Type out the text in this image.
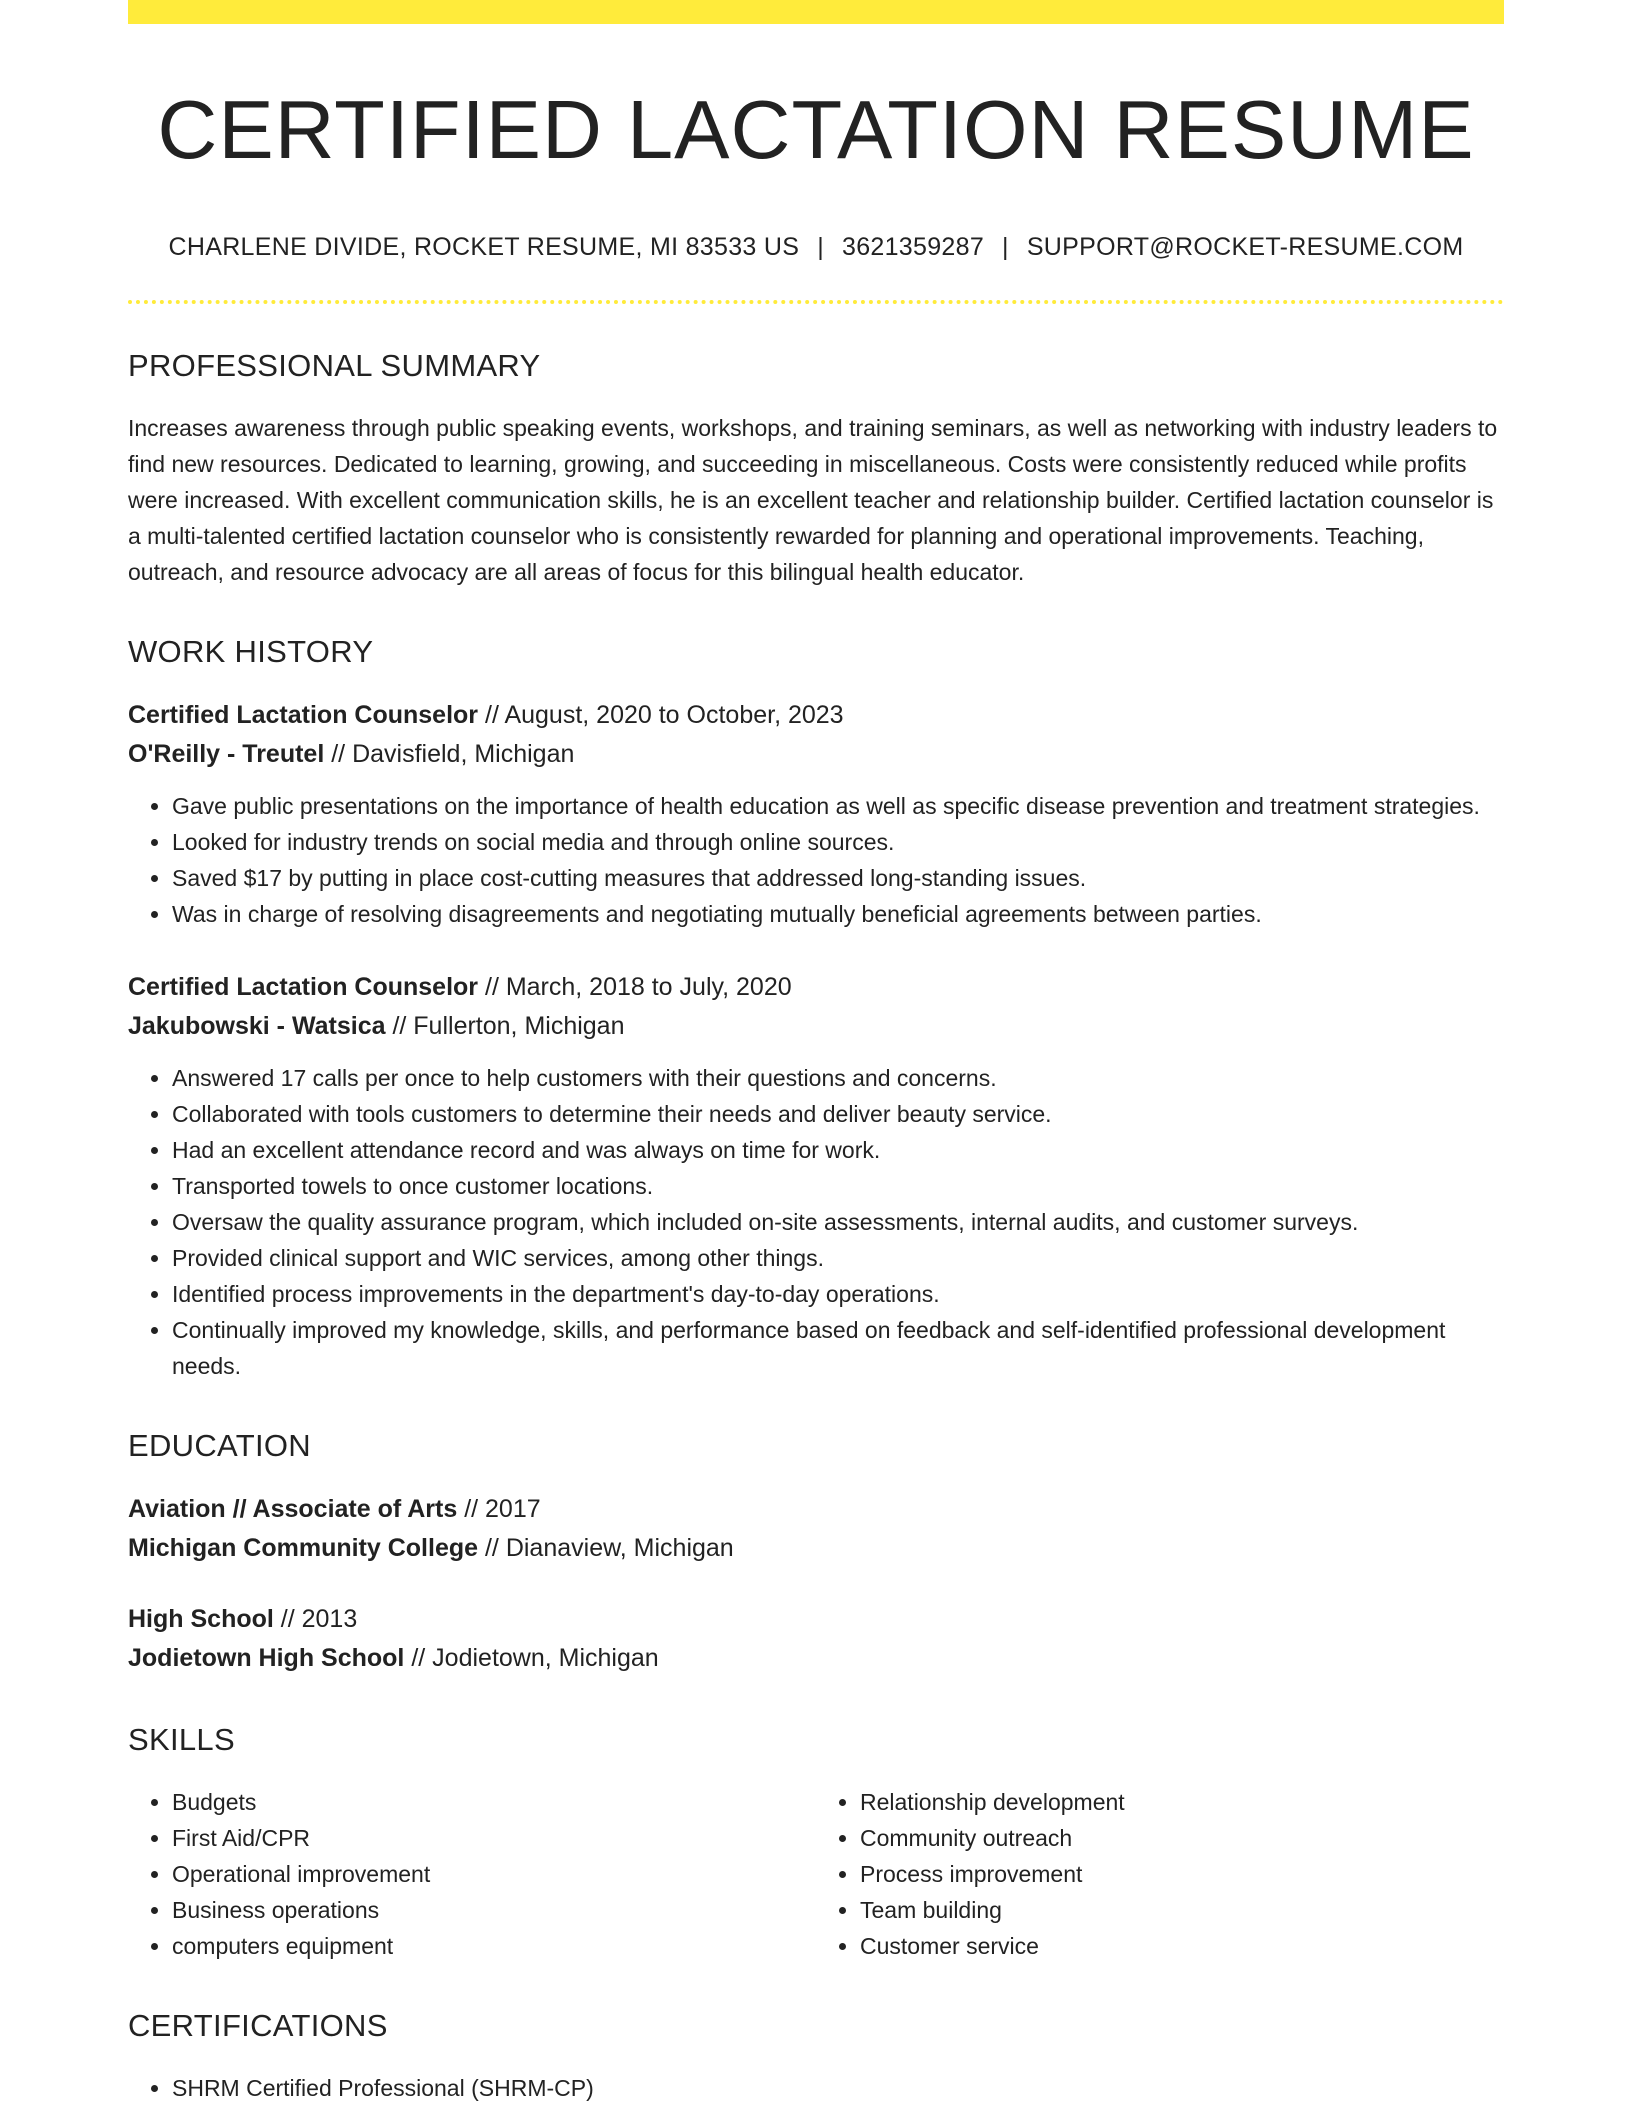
CERTIFIED LACTATION RESUME
CHARLENE DIVIDE, ROCKET RESUME, MI 83533 US | 3621359287 | SUPPORT@ROCKET-RESUME.COM
PROFESSIONAL SUMMARY

Increases awareness through public speaking events, workshops, and training seminars, as well as networking with industry leaders to find new resources. Dedicated to learning, growing, and succeeding in miscellaneous. Costs were consistently reduced while profits were increased. With excellent communication skills, he is an excellent teacher and relationship builder. Certified lactation counselor is a multi-talented certified lactation counselor who is consistently rewarded for planning and operational improvements. Teaching, outreach, and resource advocacy are all areas of focus for this bilingual health educator.

WORK HISTORY
Certified Lactation Counselor // August, 2020 to October, 2023
O'Reilly - Treutel // Davisfield, Michigan
• Gave public presentations on the importance of health education as well as specific disease prevention and treatment strategies.
• Looked for industry trends on social media and through online sources.
• Saved $17 by putting in place cost-cutting measures that addressed long-standing issues.
• Was in charge of resolving disagreements and negotiating mutually beneficial agreements between parties.
Certified Lactation Counselor // March, 2018 to July, 2020
Jakubowski - Watsica // Fullerton, Michigan
• Answered 17 calls per once to help customers with their questions and concerns.
• Collaborated with tools customers to determine their needs and deliver beauty service.
• Had an excellent attendance record and was always on time for work.
• Transported towels to once customer locations.
• Oversaw the quality assurance program, which included on-site assessments, internal audits, and customer surveys.
• Provided clinical support and WIC services, among other things.
• Identified process improvements in the department's day-to-day operations.
• Continually improved my knowledge, skills, and performance based on feedback and self-identified professional development needs.
EDUCATION
Aviation // Associate of Arts // 2017
Michigan Community College // Dianaview, Michigan
High School // 2013
Jodietown High School // Jodietown, Michigan
SKILLS
• Budgets
• First Aid/CPR
• Operational improvement
• Business operations
• computers equipment
• Relationship development
• Community outreach
• Process improvement
• Team building
• Customer service
CERTIFICATIONS
• SHRM Certified Professional (SHRM-CP)
